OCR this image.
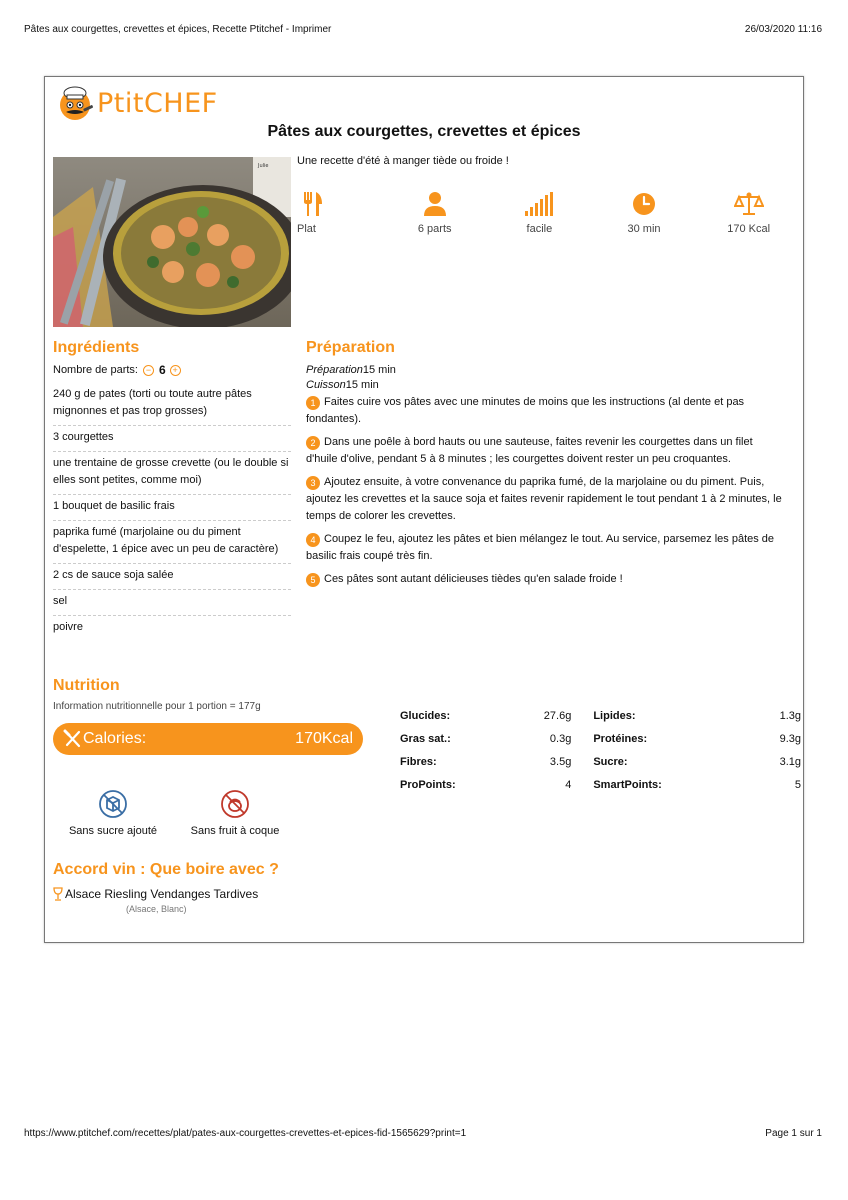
Pâtes aux courgettes, crevettes et épices, Recette Ptitchef - Imprimer	26/03/2020 11:16
PtitCHEF
Pâtes aux courgettes, crevettes et épices
Julie	Une recette d'été à manger tiède ou froide !
Plat	6 parts	facile	30 min	170 Kcal
Ingrédients
Nombre de parts: − 6 +
240 g de pates (torti ou toute autre pâtes mignonnes et pas trop grosses)
3 courgettes
une trentaine de grosse crevette (ou le double si elles sont petites, comme moi)
1 bouquet de basilic frais
paprika fumé (marjolaine ou du piment d'espelette, 1 épice avec un peu de caractère)
2 cs de sauce soja salée
sel
poivre
Préparation
Préparation15 min
Cuisson15 min
1 Faites cuire vos pâtes avec une minutes de moins que les instructions (al dente et pas fondantes).
2 Dans une poêle à bord hauts ou une sauteuse, faites revenir les courgettes dans un filet d'huile d'olive, pendant 5 à 8 minutes ; les courgettes doivent rester un peu croquantes.
3 Ajoutez ensuite, à votre convenance du paprika fumé, de la marjolaine ou du piment. Puis, ajoutez les crevettes et la sauce soja et faites revenir rapidement le tout pendant 1 à 2 minutes, le temps de colorer les crevettes.
4 Coupez le feu, ajoutez les pâtes et bien mélangez le tout. Au service, parsemez les pâtes de basilic frais coupé très fin.
5 Ces pâtes sont autant délicieuses tièdes qu'en salade froide !
Nutrition
Information nutritionnelle pour 1 portion = 177g
Calories:	170Kcal
Glucides:	27.6g	Lipides:	1.3g
Gras sat.:	0.3g	Protéines:	9.3g
Fibres:	3.5g	Sucre:	3.1g
ProPoints:	4	SmartPoints:	5
Sans sucre ajouté	Sans fruit à coque
Accord vin : Que boire avec ?
Alsace Riesling Vendanges Tardives
(Alsace, Blanc)
https://www.ptitchef.com/recettes/plat/pates-aux-courgettes-crevettes-et-epices-fid-1565629?print=1	Page 1 sur 1
